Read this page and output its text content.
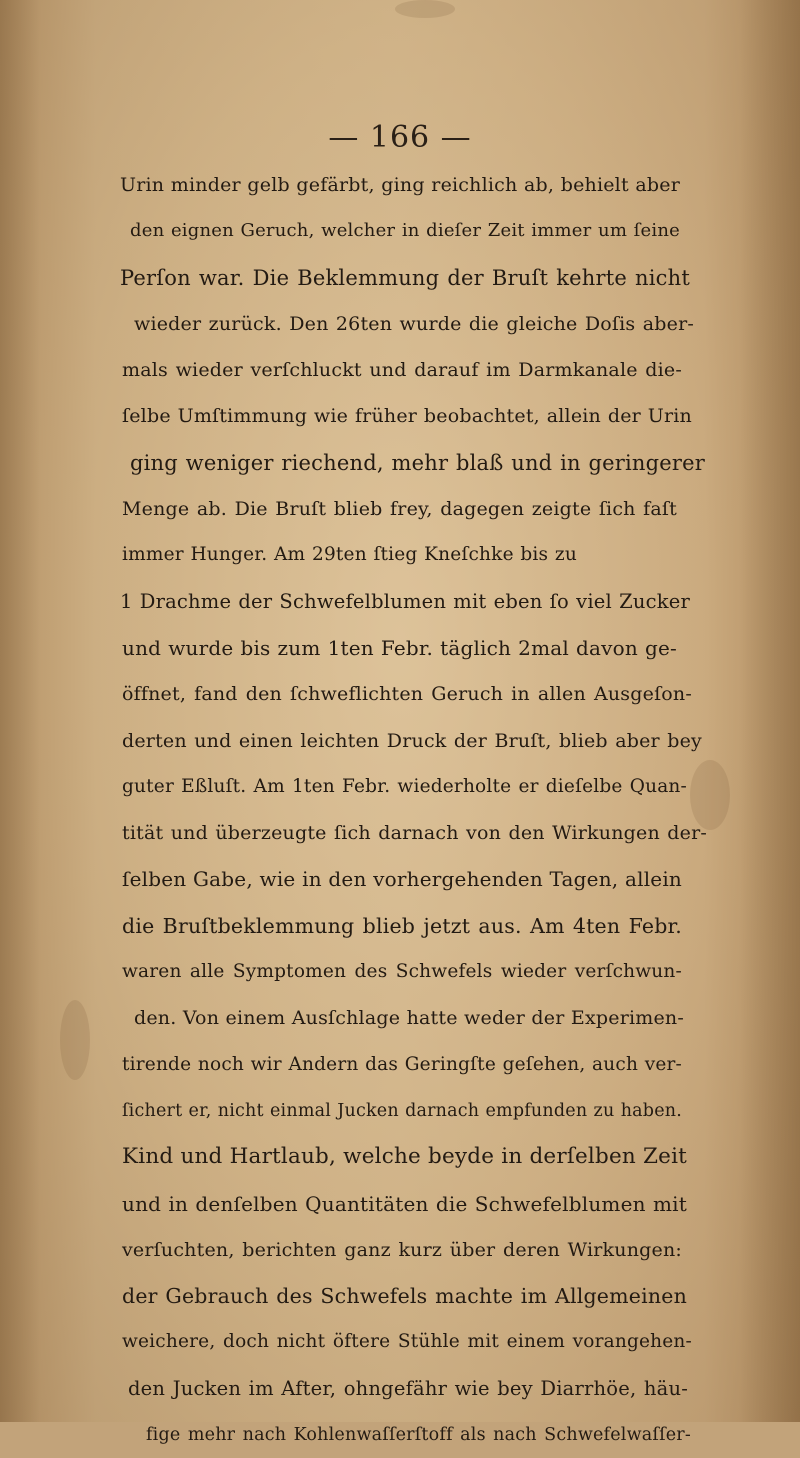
— 166 —
Urin minder gelb gefärbt, ging reichlich ab, behielt aber
den eignen Geruch, welcher in dieſer Zeit immer um ſeine
Perſon war. Die Beklemmung der Bruſt kehrte nicht
wieder zurück. Den 26ten wurde die gleiche Doſis aber-
mals wieder verſchluckt und darauf im Darmkanale die-
ſelbe Umſtimmung wie früher beobachtet, allein der Urin
ging weniger riechend, mehr blaß und in geringerer
Menge ab. Die Bruſt blieb frey, dagegen zeigte ſich faſt
immer Hunger. Am 29ten ſtieg Kneſchke bis zu
1 Drachme der Schwefelblumen mit eben ſo viel Zucker
und wurde bis zum 1ten Febr. täglich 2mal davon ge-
öffnet, fand den ſchweflichten Geruch in allen Ausgeſon-
derten und einen leichten Druck der Bruſt, blieb aber bey
guter Eßluſt. Am 1ten Febr. wiederholte er dieſelbe Quan-
tität und überzeugte ſich darnach von den Wirkungen der-
ſelben Gabe, wie in den vorhergehenden Tagen, allein
die Bruſtbeklemmung blieb jetzt aus. Am 4ten Febr.
waren alle Symptomen des Schwefels wieder verſchwun-
den. Von einem Ausſchlage hatte weder der Experimen-
tirende noch wir Andern das Geringſte geſehen, auch ver-
ſichert er, nicht einmal Jucken darnach empfunden zu haben.
Kind und Hartlaub, welche beyde in derſelben Zeit
und in denſelben Quantitäten die Schwefelblumen mit
verſuchten, berichten ganz kurz über deren Wirkungen:
der Gebrauch des Schwefels machte im Allgemeinen
weichere, doch nicht öftere Stühle mit einem vorangehen-
den Jucken im After, ohngefähr wie bey Diarrhöe, häu-
fige mehr nach Kohlenwaſſerſtoff als nach Schwefelwaſſer-
